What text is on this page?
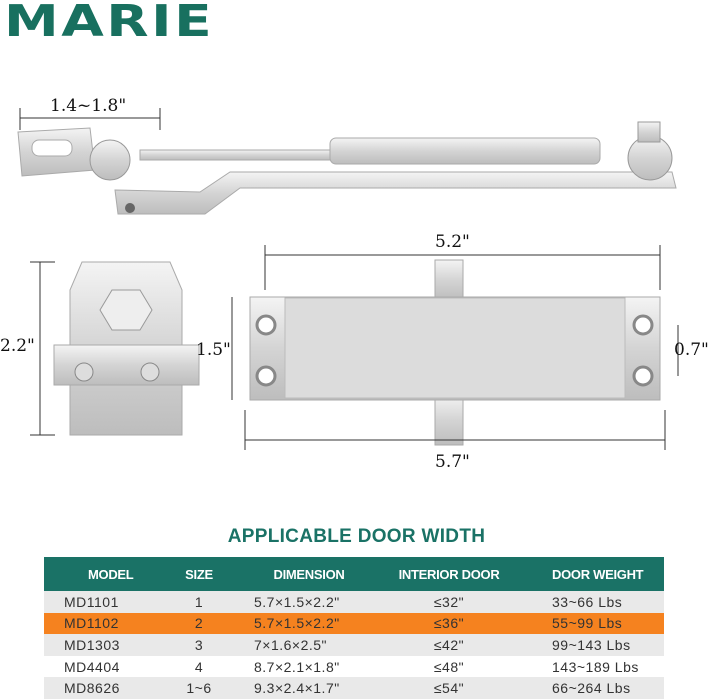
MARIE
1.4~1.8"
5.2"
5.7"
2.2"	1.5"	0.7"
APPLICABLE DOOR WIDTH
MODEL	SIZE	DIMENSION	INTERIOR DOOR	DOOR WEIGHT
MD1101	1	5.7×1.5×2.2"	≤32"	33~66 Lbs
MD1102	2	5.7×1.5×2.2"	≤36"	55~99 Lbs
MD1303	3	7×1.6×2.5"	≤42"	99~143 Lbs
MD4404	4	8.7×2.1×1.8"	≤48"	143~189 Lbs
MD8626	1~6	9.3×2.4×1.7"	≤54"	66~264 Lbs
